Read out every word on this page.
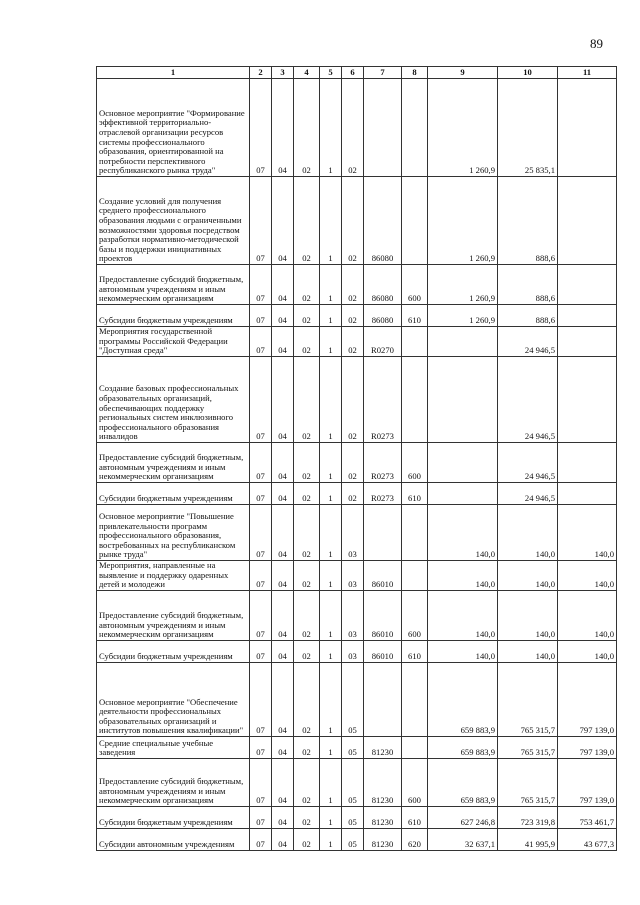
89
1	2	3	4	5	6	7	8	9	10	11
Основное мероприятие "Формирование эффективной территориально-отраслевой организации ресурсов системы профессионального образования, ориентированной на потребности перспективного республиканского рынка труда"	07	04	02	1	02			1 260,9	25 835,1	
Создание условий для получения среднего профессионального образования людьми с ограниченными возможностями здоровья посредством разработки нормативно-методической базы и поддержки инициативных проектов	07	04	02	1	02	86080		1 260,9	888,6	
Предоставление субсидий бюджетным, автономным учреждениям и иным некоммерческим организациям	07	04	02	1	02	86080	600	1 260,9	888,6	
Субсидии бюджетным учреждениям	07	04	02	1	02	86080	610	1 260,9	888,6	
Мероприятия государственной программы Российской Федерации "Доступная среда"	07	04	02	1	02	R0270			24 946,5	
Создание базовых профессиональных образовательных организаций, обеспечивающих поддержку региональных систем инклюзивного профессионального образования инвалидов	07	04	02	1	02	R0273			24 946,5	
Предоставление субсидий бюджетным, автономным учреждениям и иным некоммерческим организациям	07	04	02	1	02	R0273	600		24 946,5	
Субсидии бюджетным учреждениям	07	04	02	1	02	R0273	610		24 946,5	
Основное мероприятие "Повышение привлекательности программ профессионального образования, востребованных на республиканском рынке труда"	07	04	02	1	03			140,0	140,0	140,0
Мероприятия, направленные на выявление и поддержку одаренных детей и молодежи	07	04	02	1	03	86010		140,0	140,0	140,0
Предоставление субсидий бюджетным, автономным учреждениям и иным некоммерческим организациям	07	04	02	1	03	86010	600	140,0	140,0	140,0
Субсидии бюджетным учреждениям	07	04	02	1	03	86010	610	140,0	140,0	140,0
Основное мероприятие "Обеспечение деятельности профессиональных образовательных организаций и институтов повышения квалификации"	07	04	02	1	05			659 883,9	765 315,7	797 139,0
Средние специальные учебные заведения	07	04	02	1	05	81230		659 883,9	765 315,7	797 139,0
Предоставление субсидий бюджетным, автономным учреждениям и иным некоммерческим организациям	07	04	02	1	05	81230	600	659 883,9	765 315,7	797 139,0
Субсидии бюджетным учреждениям	07	04	02	1	05	81230	610	627 246,8	723 319,8	753 461,7
Субсидии автономным учреждениям	07	04	02	1	05	81230	620	32 637,1	41 995,9	43 677,3
